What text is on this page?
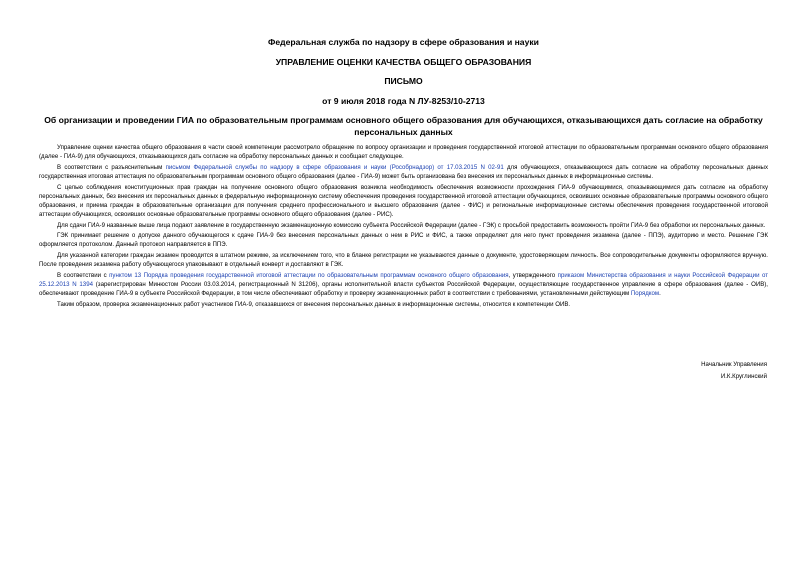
Федеральная служба по надзору в сфере образования и науки
УПРАВЛЕНИЕ ОЦЕНКИ КАЧЕСТВА ОБЩЕГО ОБРАЗОВАНИЯ
ПИСЬМО
от 9 июля 2018 года N ЛУ-8253/10-2713
Об организации и проведении ГИА по образовательным программам основного общего образования для обучающихся, отказывающихся дать согласие на обработку персональных данных

Управление оценки качества общего образования в части своей компетенции рассмотрело обращение по вопросу организации и проведения государственной итоговой аттестации по образовательным программам основного общего образования (далее - ГИА-9) для обучающихся, отказывающихся дать согласие на обработку персональных данных и сообщает следующее.

В соответствии с разъяснительным письмом Федеральной службы по надзору в сфере образования и науки (Рособрнадзор) от 17.03.2015 N 02-91 для обучающихся, отказывающихся дать согласие на обработку персональных данных государственная итоговая аттестация по образовательным программам основного общего образования (далее - ГИА-9) может быть организована без внесения их персональных данных в информационные системы.

С целью соблюдения конституционных прав граждан на получение основного общего образования возникла необходимость обеспечения возможности прохождения ГИА-9 обучающимися, отказывающимися дать согласие на обработку персональных данных, без внесения их персональных данных в федеральную информационную систему обеспечения проведения государственной итоговой аттестации обучающихся, освоивших основные образовательные программы основного общего образования, и приема граждан в образовательные организации для получения среднего профессионального и высшего образования (далее - ФИС) и региональные информационные системы обеспечения проведения государственной итоговой аттестации обучающихся, освоивших основные образовательные программы основного общего образования (далее - РИС).

Для сдачи ГИА-9 названные выше лица подают заявление в государственную экзаменационную комиссию субъекта Российской Федерации (далее - ГЭК) с просьбой предоставить возможность пройти ГИА-9 без обработки их персональных данных.

ГЭК принимает решение о допуске данного обучающегося к сдаче ГИА-9 без внесения персональных данных о нем в РИС и ФИС, а также определяет для него пункт проведения экзамена (далее - ППЭ), аудиторию и место. Решение ГЭК оформляется протоколом. Данный протокол направляется в ППЭ.

Для указанной категории граждан экзамен проводится в штатном режиме, за исключением того, что в бланке регистрации не указываются данные о документе, удостоверяющем личность. Все сопроводительные документы оформляются вручную. После проведения экзамена работу обучающегося упаковывают в отдельный конверт и доставляют в ГЭК.

В соответствии с пунктом 13 Порядка проведения государственной итоговой аттестации по образовательным программам основного общего образования, утвержденного приказом Министерства образования и науки Российской Федерации от 25.12.2013 N 1394 (зарегистрирован Минюстом России 03.03.2014, регистрационный N 31206), органы исполнительной власти субъектов Российской Федерации, осуществляющие государственное управление в сфере образования (далее - ОИВ), обеспечивают проведение ГИА-9 в субъекте Российской Федерации, в том числе обеспечивают обработку и проверку экзаменационных работ в соответствии с требованиями, установленными действующим Порядком.

Таким образом, проверка экзаменационных работ участников ГИА-9, отказавшихся от внесения персональных данных в информационные системы, относится к компетенции ОИВ.

Начальник Управления
И.К.Круглинский
